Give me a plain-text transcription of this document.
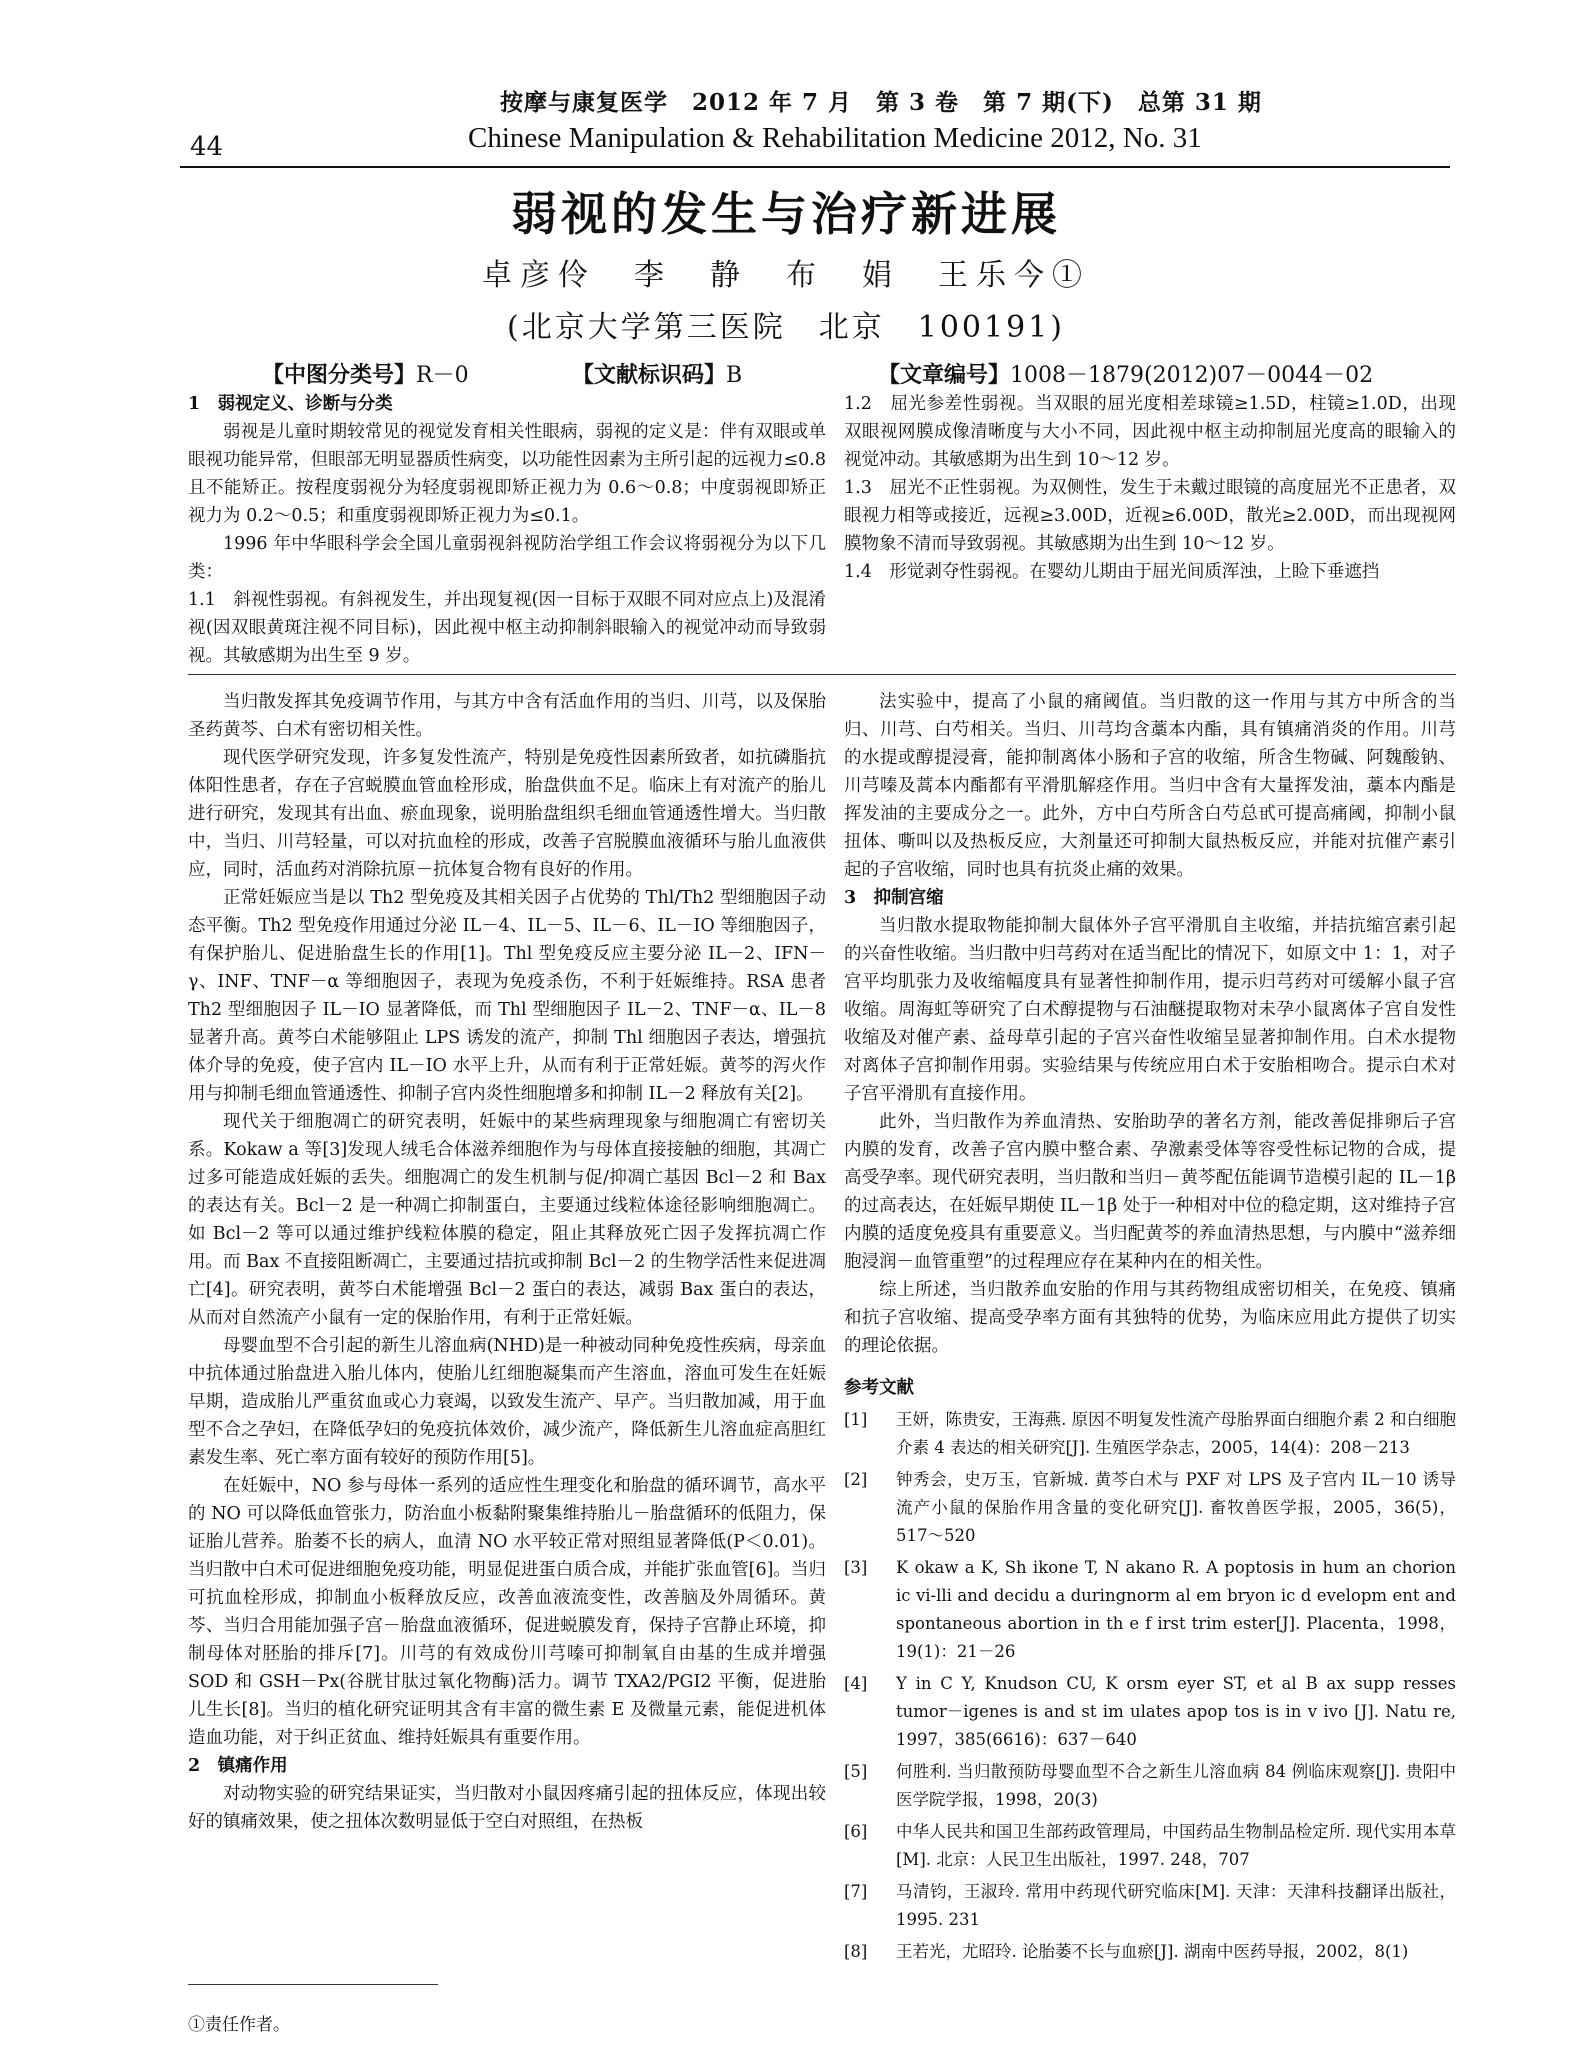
按摩与康复医学　2012 年 7 月　第 3 卷　第 7 期(下)　总第 31 期
44	Chinese Manipulation & Rehabilitation Medicine 2012, No. 31
弱视的发生与治疗新进展
卓彦伶　李　静　布　娟　王乐今①
(北京大学第三医院　北京　100191)
【中图分类号】R－0	【文献标识码】B	【文章编号】1008－1879(2012)07－0044－02
1　弱视定义、诊断与分类

弱视是儿童时期较常见的视觉发育相关性眼病，弱视的定义是：伴有双眼或单眼视功能异常，但眼部无明显器质性病变，以功能性因素为主所引起的远视力≤0.8 且不能矫正。按程度弱视分为轻度弱视即矫正视力为 0.6～0.8；中度弱视即矫正视力为 0.2～0.5；和重度弱视即矫正视力为≤0.1。

1996 年中华眼科学会全国儿童弱视斜视防治学组工作会议将弱视分为以下几类：

1.1　斜视性弱视。有斜视发生，并出现复视(因一目标于双眼不同对应点上)及混淆视(因双眼黄斑注视不同目标)，因此视中枢主动抑制斜眼输入的视觉冲动而导致弱视。其敏感期为出生至 9 岁。

1.2　屈光参差性弱视。当双眼的屈光度相差球镜≥1.5D，柱镜≥1.0D，出现双眼视网膜成像清晰度与大小不同，因此视中枢主动抑制屈光度高的眼输入的视觉冲动。其敏感期为出生到 10～12 岁。

1.3　屈光不正性弱视。为双侧性，发生于未戴过眼镜的高度屈光不正患者，双眼视力相等或接近，远视≥3.00D，近视≥6.00D，散光≥2.00D，而出现视网膜物象不清而导致弱视。其敏感期为出生到 10～12 岁。

1.4　形觉剥夺性弱视。在婴幼儿期由于屈光间质浑浊，上睑下垂遮挡

当归散发挥其免疫调节作用，与其方中含有活血作用的当归、川芎，以及保胎圣药黄芩、白术有密切相关性。

现代医学研究发现，许多复发性流产，特别是免疫性因素所致者，如抗磷脂抗体阳性患者，存在子宫蜕膜血管血栓形成，胎盘供血不足。临床上有对流产的胎儿进行研究，发现其有出血、瘀血现象，说明胎盘组织毛细血管通透性增大。当归散中，当归、川芎轻量，可以对抗血栓的形成，改善子宫脱膜血液循环与胎儿血液供应，同时，活血药对消除抗原－抗体复合物有良好的作用。

正常妊娠应当是以 Th2 型免疫及其相关因子占优势的 Thl/Th2 型细胞因子动态平衡。Th2 型免疫作用通过分泌 IL－4、IL－5、IL－6、IL－IO 等细胞因子，有保护胎儿、促进胎盘生长的作用[1]。Thl 型免疫反应主要分泌 IL－2、IFN－γ、INF、TNF－α 等细胞因子，表现为免疫杀伤，不利于妊娠维持。RSA 患者 Th2 型细胞因子 IL－IO 显著降低，而 Thl 型细胞因子 IL－2、TNF－α、IL－8 显著升高。黄芩白术能够阻止 LPS 诱发的流产，抑制 Thl 细胞因子表达，增强抗体介导的免疫，使子宫内 IL－IO 水平上升，从而有利于正常妊娠。黄芩的泻火作用与抑制毛细血管通透性、抑制子宫内炎性细胞增多和抑制 IL－2 释放有关[2]。

现代关于细胞凋亡的研究表明，妊娠中的某些病理现象与细胞凋亡有密切关系。Kokaw a 等[3]发现人绒毛合体滋养细胞作为与母体直接接触的细胞，其凋亡过多可能造成妊娠的丢失。细胞凋亡的发生机制与促/抑凋亡基因 Bcl－2 和 Bax 的表达有关。Bcl－2 是一种凋亡抑制蛋白，主要通过线粒体途径影响细胞凋亡。如 Bcl－2 等可以通过维护线粒体膜的稳定，阻止其释放死亡因子发挥抗凋亡作用。而 Bax 不直接阻断凋亡，主要通过拮抗或抑制 Bcl－2 的生物学活性来促进凋亡[4]。研究表明，黄芩白术能增强 Bcl－2 蛋白的表达，减弱 Bax 蛋白的表达，从而对自然流产小鼠有一定的保胎作用，有利于正常妊娠。

母婴血型不合引起的新生儿溶血病(NHD)是一种被动同种免疫性疾病，母亲血中抗体通过胎盘进入胎儿体内，使胎儿红细胞凝集而产生溶血，溶血可发生在妊娠早期，造成胎儿严重贫血或心力衰竭，以致发生流产、早产。当归散加减，用于血型不合之孕妇，在降低孕妇的免疫抗体效价，减少流产，降低新生儿溶血症高胆红素发生率、死亡率方面有较好的预防作用[5]。

在妊娠中，NO 参与母体一系列的适应性生理变化和胎盘的循环调节，高水平的 NO 可以降低血管张力，防治血小板黏附聚集维持胎儿－胎盘循环的低阻力，保证胎儿营养。胎萎不长的病人，血清 NO 水平较正常对照组显著降低(P＜0.01)。当归散中白术可促进细胞免疫功能，明显促进蛋白质合成，并能扩张血管[6]。当归可抗血栓形成，抑制血小板释放反应，改善血液流变性，改善脑及外周循环。黄芩、当归合用能加强子宫－胎盘血液循环，促进蜕膜发育，保持子宫静止环境，抑制母体对胚胎的排斥[7]。川芎的有效成份川芎嗪可抑制氧自由基的生成并增强 SOD 和 GSH－Px(谷胱甘肽过氧化物酶)活力。调节 TXA2/PGI2 平衡，促进胎儿生长[8]。当归的植化研究证明其含有丰富的微生素 E 及微量元素，能促进机体造血功能，对于纠正贫血、维持妊娠具有重要作用。

2　镇痛作用

对动物实验的研究结果证实，当归散对小鼠因疼痛引起的扭体反应，体现出较好的镇痛效果，使之扭体次数明显低于空白对照组，在热板

法实验中，提高了小鼠的痛阈值。当归散的这一作用与其方中所含的当归、川芎、白芍相关。当归、川芎均含藁本内酯，具有镇痛消炎的作用。川芎的水提或醇提浸膏，能抑制离体小肠和子宫的收缩，所含生物碱、阿魏酸钠、川芎嗪及蒿本内酯都有平滑肌解痉作用。当归中含有大量挥发油，藁本内酯是挥发油的主要成分之一。此外，方中白芍所含白芍总甙可提高痛阈，抑制小鼠扭体、嘶叫以及热板反应，大剂量还可抑制大鼠热板反应，并能对抗催产素引起的子宫收缩，同时也具有抗炎止痛的效果。

3　抑制宫缩

当归散水提取物能抑制大鼠体外子宫平滑肌自主收缩，并拮抗缩宫素引起的兴奋性收缩。当归散中归芎药对在适当配比的情况下，如原文中 1：1，对子宫平均肌张力及收缩幅度具有显著性抑制作用，提示归芎药对可缓解小鼠子宫收缩。周海虹等研究了白术醇提物与石油醚提取物对未孕小鼠离体子宫自发性收缩及对催产素、益母草引起的子宫兴奋性收缩呈显著抑制作用。白术水提物对离体子宫抑制作用弱。实验结果与传统应用白术于安胎相吻合。提示白术对子宫平滑肌有直接作用。

此外，当归散作为养血清热、安胎助孕的著名方剂，能改善促排卵后子宫内膜的发育，改善子宫内膜中整合素、孕激素受体等容受性标记物的合成，提高受孕率。现代研究表明，当归散和当归－黄芩配伍能调节造模引起的 IL－1β 的过高表达，在妊娠早期使 IL－1β 处于一种相对中位的稳定期，这对维持子宫内膜的适度免疫具有重要意义。当归配黄芩的养血清热思想，与内膜中“滋养细胞浸润－血管重塑”的过程理应存在某种内在的相关性。

综上所述，当归散养血安胎的作用与其药物组成密切相关，在免疫、镇痛和抗子宫收缩、提高受孕率方面有其独特的优势，为临床应用此方提供了切实的理论依据。

参考文献
[1]	王妍，陈贵安，王海燕. 原因不明复发性流产母胎界面白细胞介素 2 和白细胞介素 4 表达的相关研究[J]. 生殖医学杂志，2005，14(4)：208－213
[2]	钟秀会，史万玉，官新城. 黄芩白术与 PXF 对 LPS 及子宫内 IL－10 诱导流产小鼠的保胎作用含量的变化研究[J]. 畜牧兽医学报，2005，36(5)，517～520
[3]	K okaw a K, Sh ikone T, N akano R. A poptosis in hum an chorion ic vi-lli and decidu a duringnorm al em bryon ic d evelopm ent and spontaneous abortion in th e f irst trim ester[J]. Placenta，1998，19(1)：21－26
[4]	Y in C Y, Knudson CU, K orsm eyer ST, et al B ax supp resses tumor－igenes is and st im ulates apop tos is in v ivo [J]. Natu re, 1997，385(6616)：637－640
[5]	何胜利. 当归散预防母婴血型不合之新生儿溶血病 84 例临床观察[J]. 贵阳中医学院学报，1998，20(3)
[6]	中华人民共和国卫生部药政管理局，中国药品生物制品检定所. 现代实用本草[M]. 北京：人民卫生出版社，1997. 248，707
[7]	马清钧，王淑玲. 常用中药现代研究临床[M]. 天津：天津科技翻译出版社，1995. 231
[8]	王若光，尤昭玲. 论胎萎不长与血瘀[J]. 湖南中医药导报，2002，8(1)
①责任作者。
